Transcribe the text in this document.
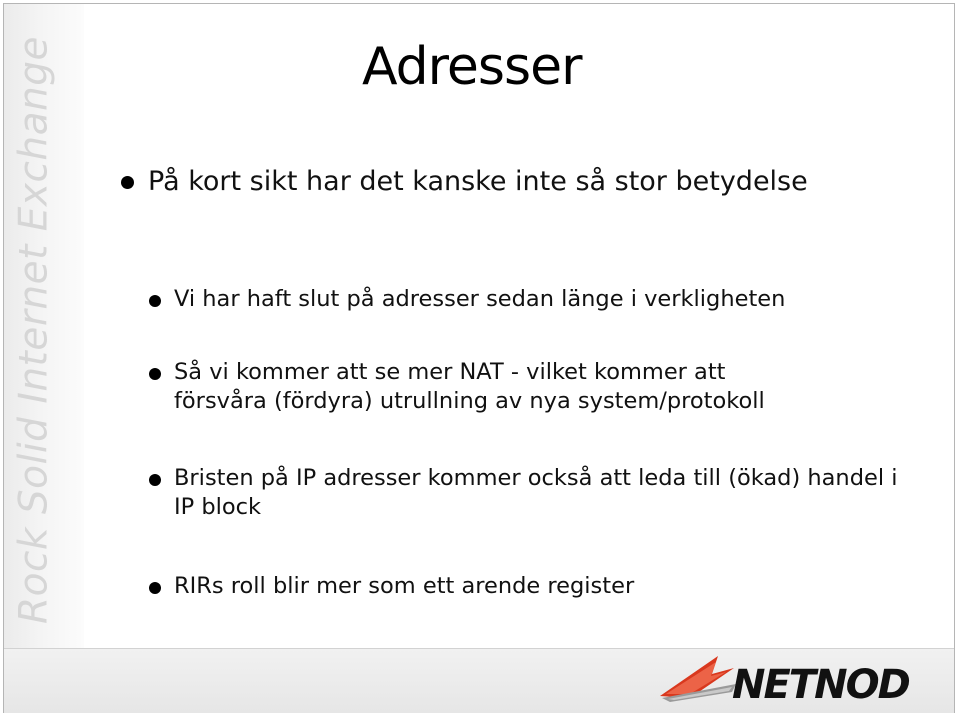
Rock Solid Internet Exchange	Adresser
På kort sikt har det kanske inte så stor betydelse
Vi har haft slut på adresser sedan länge i verkligheten
Så vi kommer att se mer NAT - vilket kommer att
försvåra (fördyra) utrullning av nya system/protokoll
Bristen på IP adresser kommer också att leda till (ökad) handel i IP block
RIRs roll blir mer som ett arende register
NETNOD
